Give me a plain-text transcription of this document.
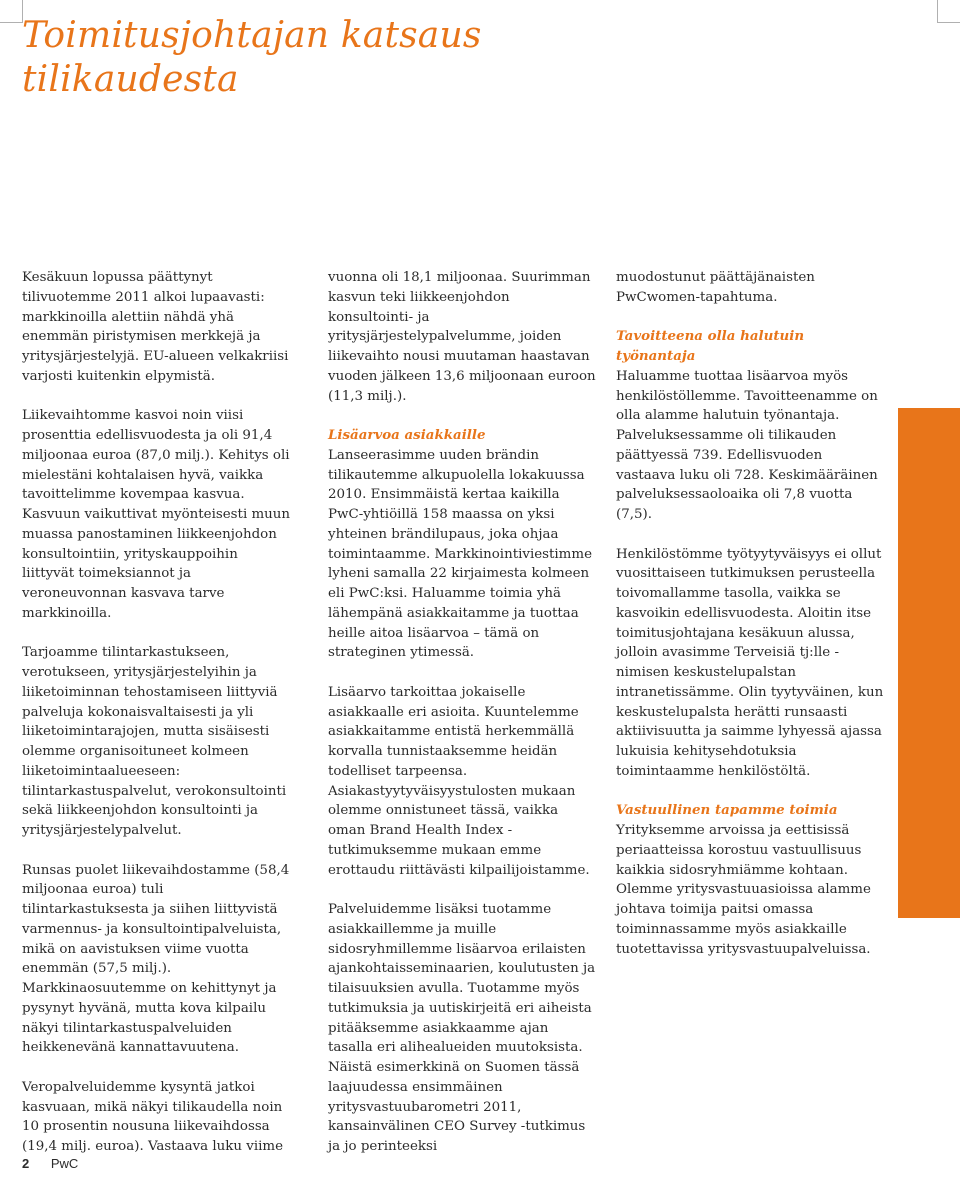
Toimitusjohtajan katsaus tilikaudesta

Kesäkuun lopussa päättynyt tilivuotemme 2011 alkoi lupaavasti: markkinoilla alettiin nähdä yhä enemmän piristymisen merkkejä ja yritysjärjestelyjä. EU-alueen velkakriisi varjosti kuitenkin elpymistä.

Liikevaihtomme kasvoi noin viisi prosenttia edellisvuodesta ja oli 91,4 miljoonaa euroa (87,0 milj.). Kehitys oli mielestäni kohtalaisen hyvä, vaikka tavoittelimme kovempaa kasvua. Kasvuun vaikuttivat myönteisesti muun muassa panostaminen liikkeenjohdon konsultointiin, yrityskauppoihin liittyvät toimeksiannot ja veroneuvonnan kasvava tarve markkinoilla.

Tarjoamme tilintarkastukseen, verotukseen, yritysjärjestelyihin ja liiketoiminnan tehostamiseen liittyviä palveluja kokonaisvaltaisesti ja yli liiketoimintarajojen, mutta sisäisesti olemme organisoituneet kolmeen liiketoimintaalueeseen: tilintarkastuspalvelut, verokonsultointi sekä liikkeenjohdon konsultointi ja yritysjärjestelypalvelut.

Runsas puolet liikevaihdostamme (58,4 miljoonaa euroa) tuli tilintarkastuksesta ja siihen liittyvistä varmennus- ja konsultointipalveluista, mikä on aavistuksen viime vuotta enemmän (57,5 milj.). Markkinaosuutemme on kehittynyt ja pysynyt hyvänä, mutta kova kilpailu näkyi tilintarkastuspalveluiden heikkenevänä kannattavuutena.

Veropalveluidemme kysyntä jatkoi kasvuaan, mikä näkyi tilikaudella noin 10 prosentin nousuna liikevaihdossa (19,4 milj. euroa). Vastaava luku viime

vuonna oli 18,1 miljoonaa. Suurimman kasvun teki liikkeenjohdon konsultointi- ja yritysjärjestelypalvelumme, joiden liikevaihto nousi muutaman haastavan vuoden jälkeen 13,6 miljoonaan euroon (11,3 milj.).

Lisäarvoa asiakkaille

Lanseerasimme uuden brändin tilikautemme alkupuolella lokakuussa 2010. Ensimmäistä kertaa kaikilla PwC-yhtiöillä 158 maassa on yksi yhteinen brändilupaus, joka ohjaa toimintaamme. Markkinointiviestimme lyheni samalla 22 kirjaimesta kolmeen eli PwC:ksi. Haluamme toimia yhä lähempänä asiakkaitamme ja tuottaa heille aitoa lisäarvoa – tämä on strateginen ytimessä.

Lisäarvo tarkoittaa jokaiselle asiakkaalle eri asioita. Kuuntelemme asiakkaitamme entistä herkemmällä korvalla tunnistaaksemme heidän todelliset tarpeensa. Asiakastyytyväisyystulosten mukaan olemme onnistuneet tässä, vaikka oman Brand Health Index -tutkimuksemme mukaan emme erottaudu riittävästi kilpailijoistamme.

Palveluidemme lisäksi tuotamme asiakkaillemme ja muille sidosryhmillemme lisäarvoa erilaisten ajankohtaisseminaarien, koulutusten ja tilaisuuksien avulla. Tuotamme myös tutkimuksia ja uutiskirjeitä eri aiheista pitääksemme asiakkaamme ajan tasalla eri alihealueiden muutoksista. Näistä esimerkkinä on Suomen tässä laajuudessa ensimmäinen yritysvastuubarometri 2011, kansainvälinen CEO Survey -tutkimus ja jo perinteeksi

muodostunut päättäjänaisten PwCwomen-tapahtuma.

Tavoitteena olla halutuin työnantaja

Haluamme tuottaa lisäarvoa myös henkilöstöllemme. Tavoitteenamme on olla alamme halutuin työnantaja. Palveluksessamme oli tilikauden päättyessä 739. Edellisvuoden vastaava luku oli 728. Keskimääräinen palveluksessaoloaika oli 7,8 vuotta (7,5).

Henkilöstömme työtyytyväisyys ei ollut vuosittaiseen tutkimuksen perusteella toivomallamme tasolla, vaikka se kasvoikin edellisvuodesta. Aloitin itse toimitusjohtajana kesäkuun alussa, jolloin avasimme Terveisiä tj:lle -nimisen keskustelupalstan intranetissämme. Olin tyytyväinen, kun keskustelupalsta herätti runsaasti aktiivisuutta ja saimme lyhyessä ajassa lukuisia kehitysehdotuksia toimintaamme henkilöstöltä.

Vastuullinen tapamme toimia

Yrityksemme arvoissa ja eettisissä periaatteissa korostuu vastuullisuus kaikkia sidosryhmiämme kohtaan. Olemme yritysvastuuasioissa alamme johtava toimija paitsi omassa toiminnassamme myös asiakkaille tuotettavissa yritysvastuupalveluissa.

2 PwC
